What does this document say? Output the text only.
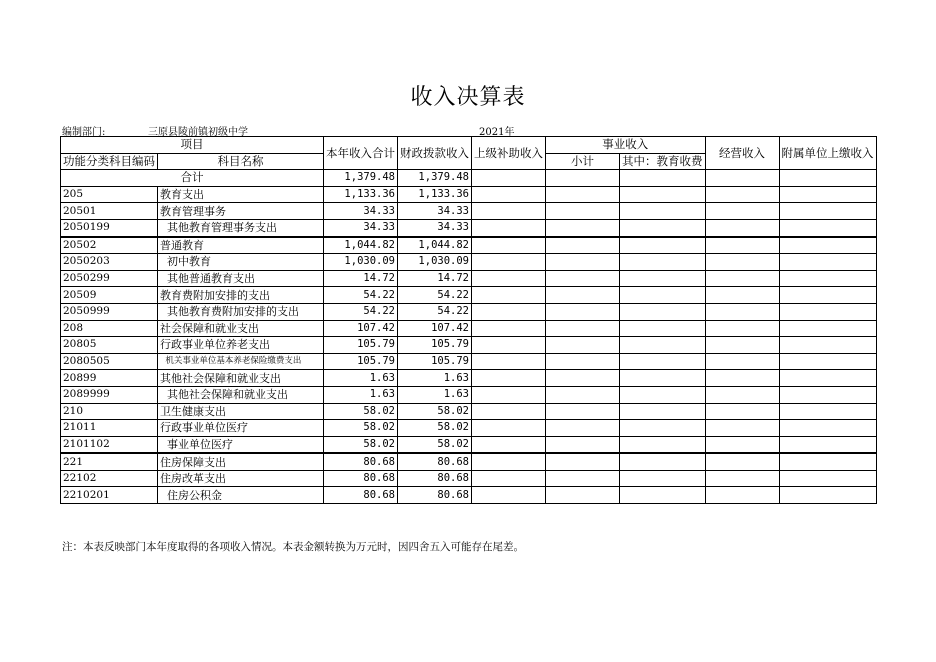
收入决算表
编制部门:	三原县陵前镇初级中学	2021年
项目		本年收入合计	财政拨款收入	上级补助收入	事业收入		经营收入	附属单位上缴收入
功能分类科目编码	科目名称							
					小计	其中：教育收费		

合计		1,379.48	1,379.48					
205	教育支出	1,133.36	1,133.36					
20501	教育管理事务	34.33	34.33					
2050199	其他教育管理事务支出	34.33	34.33					
20502	普通教育	1,044.82	1,044.82					
2050203	初中教育	1,030.09	1,030.09					
2050299	其他普通教育支出	14.72	14.72					
20509	教育费附加安排的支出	54.22	54.22					
2050999	其他教育费附加安排的支出	54.22	54.22					
208	社会保障和就业支出	107.42	107.42					
20805	行政事业单位养老支出	105.79	105.79					
2080505	机关事业单位基本养老保险缴费支出	105.79	105.79					
20899	其他社会保障和就业支出	1.63	1.63					
2089999	其他社会保障和就业支出	1.63	1.63					
210	卫生健康支出	58.02	58.02					
21011	行政事业单位医疗	58.02	58.02					
2101102	事业单位医疗	58.02	58.02					
221	住房保障支出	80.68	80.68					
22102	住房改革支出	80.68	80.68					
2210201	住房公积金	80.68	80.68					
注：本表反映部门本年度取得的各项收入情况。本表金额转换为万元时，因四舍五入可能存在尾差。
